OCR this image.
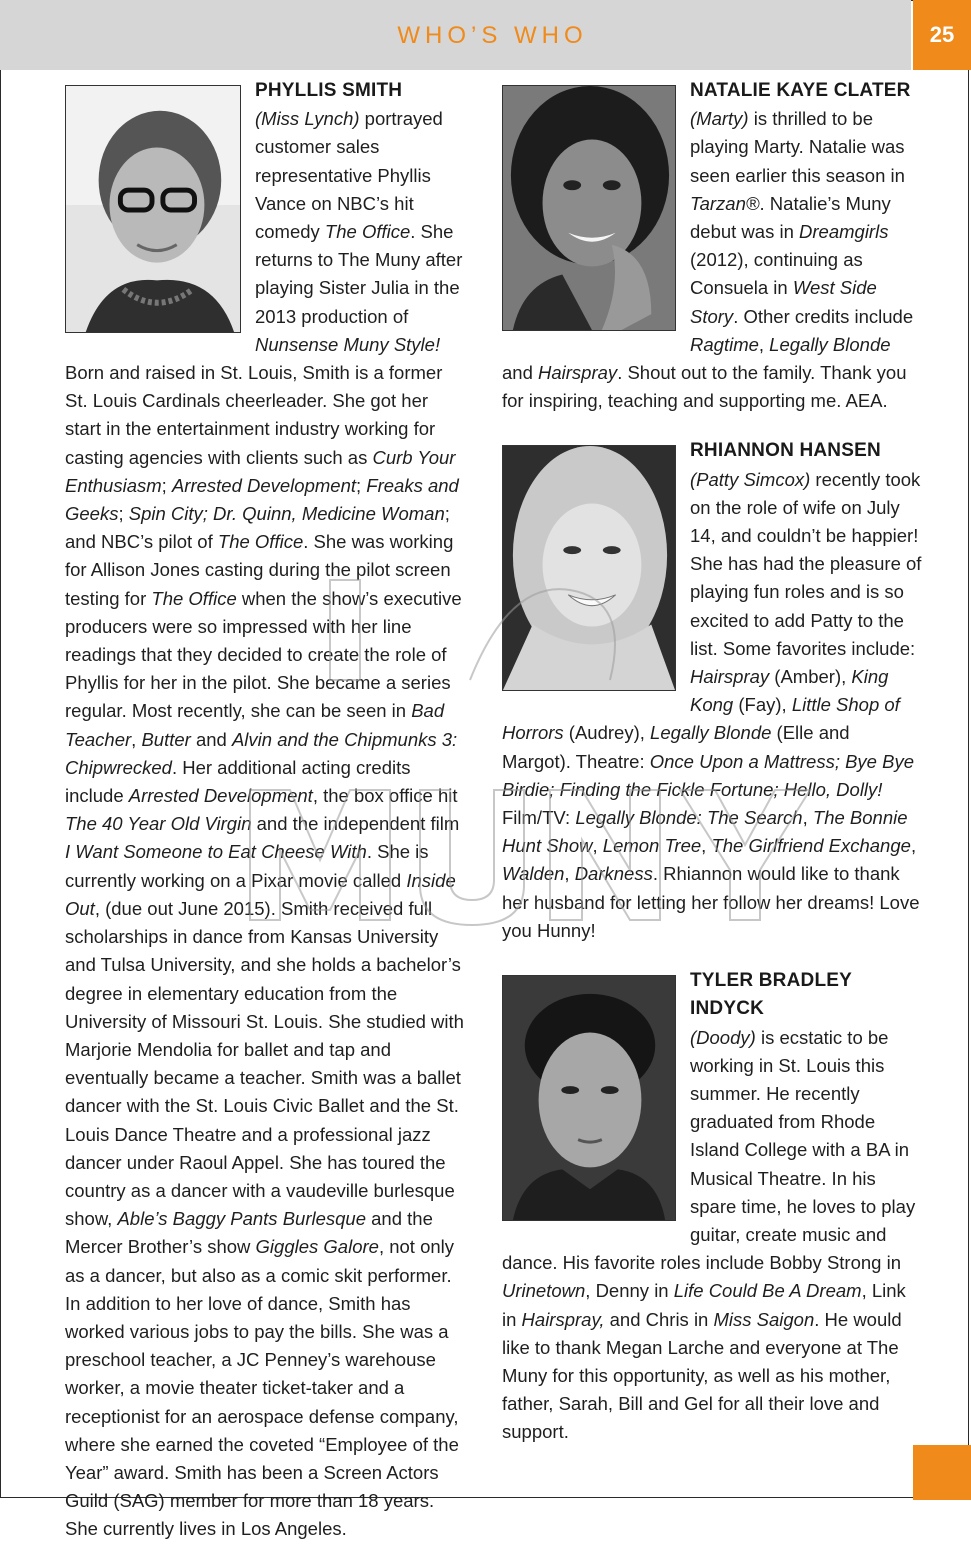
WHO’S WHO	25

PHYLLIS SMITH
(Miss Lynch) portrayed customer sales representative Phyllis Vance on NBC’s hit comedy The Office. She returns to The Muny after playing Sister Julia in the 2013 production of Nunsense Muny Style! Born and raised in St. Louis, Smith is a former St. Louis Cardinals cheerleader. She got her start in the entertainment industry working for casting agencies with clients such as Curb Your Enthusiasm; Arrested Development; Freaks and Geeks; Spin City; Dr. Quinn, Medicine Woman; and NBC’s pilot of The Office. She was working for Allison Jones casting during the pilot screen testing for The Office when the show’s executive producers were so impressed with her line readings that they decided to create the role of Phyllis for her in the pilot. She became a series regular. Most recently, she can be seen in Bad Teacher, Butter and Alvin and the Chipmunks 3: Chipwrecked. Her additional acting credits include Arrested Development, the box office hit The 40 Year Old Virgin and the independent film I Want Someone to Eat Cheese With. She is currently working on a Pixar movie called Inside Out, (due out June 2015). Smith received full scholarships in dance from Kansas University and Tulsa University, and she holds a bachelor’s degree in elementary education from the University of Missouri St. Louis. She studied with Marjorie Mendolia for ballet and tap and eventually became a teacher. Smith was a ballet dancer with the St. Louis Civic Ballet and the St. Louis Dance Theatre and a professional jazz dancer under Raoul Appel. She has toured the country as a dancer with a vaudeville burlesque show, Able’s Baggy Pants Burlesque and the Mercer Brother’s show Giggles Galore, not only as a dancer, but also as a comic skit performer. In addition to her love of dance, Smith has worked various jobs to pay the bills. She was a preschool teacher, a JC Penney’s warehouse worker, a movie theater ticket-taker and a receptionist for an aerospace defense company, where she earned the coveted “Employee of the Year” award. Smith has been a Screen Actors Guild (SAG) member for more than 18 years. She currently lives in Los Angeles.

NATALIE KAYE CLATER
(Marty) is thrilled to be playing Marty. Natalie was seen earlier this season in Tarzan®. Natalie’s Muny debut was in Dreamgirls (2012), continuing as Consuela in West Side Story. Other credits include Ragtime, Legally Blonde and Hairspray. Shout out to the family. Thank you for inspiring, teaching and supporting me. AEA.

RHIANNON HANSEN
(Patty Simcox) recently took on the role of wife on July 14, and couldn’t be happier! She has had the pleasure of playing fun roles and is so excited to add Patty to the list. Some favorites include: Hairspray (Amber), King Kong (Fay), Little Shop of Horrors (Audrey), Legally Blonde (Elle and Margot). Theatre: Once Upon a Mattress; Bye Bye Birdie; Finding the Fickle Fortune; Hello, Dolly! Film/TV: Legally Blonde: The Search, The Bonnie Hunt Show, Lemon Tree, The Girlfriend Exchange, Walden, Darkness. Rhiannon would like to thank her husband for letting her follow her dreams! Love you Hunny!

TYLER BRADLEY INDYCK
(Doody) is ecstatic to be working in St. Louis this summer. He recently graduated from Rhode Island College with a BA in Musical Theatre. In his spare time, he loves to play guitar, create music and dance. His favorite roles include Bobby Strong in Urinetown, Denny in Life Could Be A Dream, Link in Hairspray, and Chris in Miss Saigon. He would like to thank Megan Larche and everyone at The Muny for this opportunity, as well as his mother, father, Sarah, Bill and Gel for all their love and support.
